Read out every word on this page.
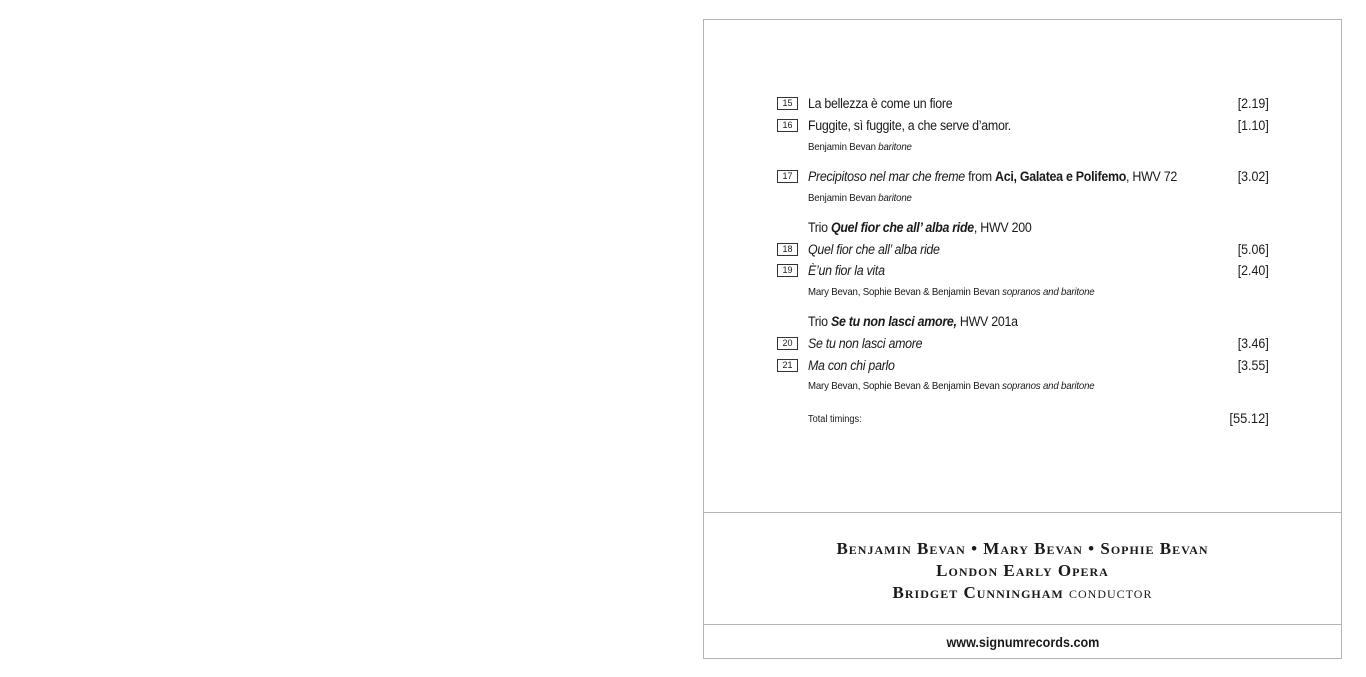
15	La bellezza è come un fiore	[2.19]
16	Fuggite, sì fuggite, a che serve d’amor.	[1.10]
Benjamin Bevan baritone
17	Precipitoso nel mar che freme from Aci, Galatea e Polifemo, HWV 72	[3.02]
Benjamin Bevan baritone
Trio Quel fior che all’ alba ride, HWV 200
18	Quel fior che all’ alba ride	[5.06]
19	È’un fior la vita	[2.40]
Mary Bevan, Sophie Bevan & Benjamin Bevan sopranos and baritone
Trio Se tu non lasci amore, HWV 201a
20	Se tu non lasci amore	[3.46]
21	Ma con chi parlo	[3.55]
Mary Bevan, Sophie Bevan & Benjamin Bevan sopranos and baritone
Total timings:	[55.12]
Benjamin Bevan • Mary Bevan • Sophie Bevan
London Early Opera
Bridget Cunningham conductor
www.signumrecords.com
